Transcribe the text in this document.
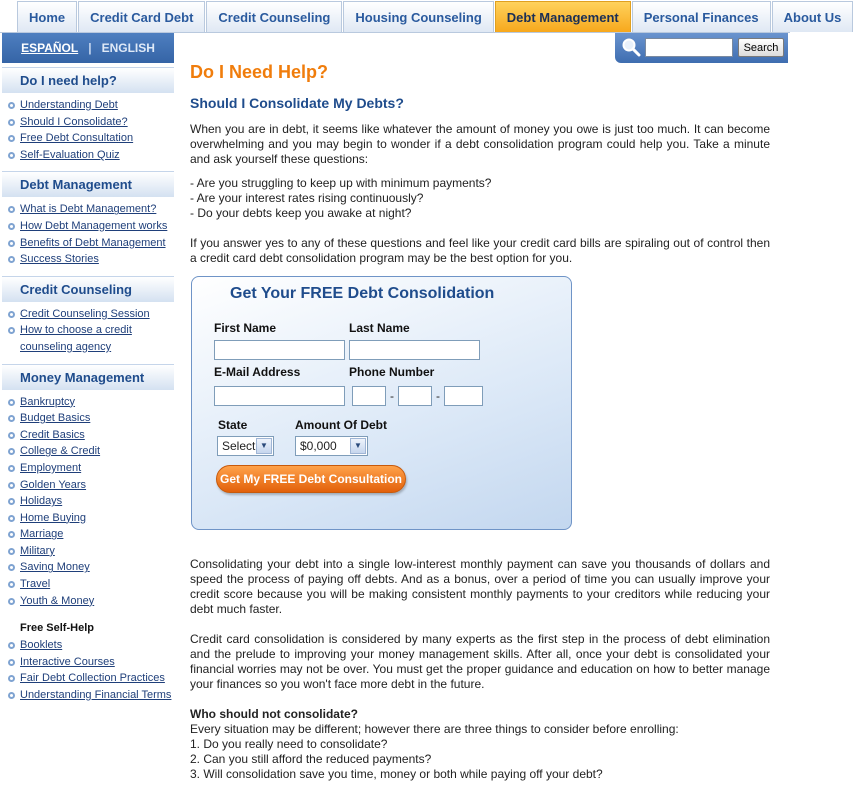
Home	Credit Card Debt	Credit Counseling	Housing Counseling	Debt Management	Personal Finances	About Us
Search
ESPAÑOL | ENGLISH
Do I need help?
Understanding Debt
Should I Consolidate?
Free Debt Consultation
Self-Evaluation Quiz
Debt Management
What is Debt Management?
How Debt Management works
Benefits of Debt Management
Success Stories
Credit Counseling
Credit Counseling Session
How to choose a credit counseling agency
Money Management
Bankruptcy
Budget Basics
Credit Basics
College & Credit
Employment
Golden Years
Holidays
Home Buying
Marriage
Military
Saving Money
Travel
Youth & Money
Free Self-Help
Booklets
Interactive Courses
Fair Debt Collection Practices
Understanding Financial Terms
Do I Need Help?
Should I Consolidate My Debts?

When you are in debt, it seems like whatever the amount of money you owe is just too much. It can become overwhelming and you may begin to wonder if a debt consolidation program could help you. Take a minute and ask yourself these questions:

- Are you struggling to keep up with minimum payments?
- Are your interest rates rising continuously?
- Do your debts keep you awake at night?

If you answer yes to any of these questions and feel like your credit card bills are spiraling out of control then a credit card debt consolidation program may be the best option for you.

Get Your FREE Debt Consolidation
First Name	Last Name
E-Mail Address	Phone Number
-	-
State	Amount Of Debt
Select ▼	$0,000	▼
Get My FREE Debt Consultation

Consolidating your debt into a single low-interest monthly payment can save you thousands of dollars and speed the process of paying off debts. And as a bonus, over a period of time you can usually improve your credit score because you will be making consistent monthly payments to your creditors while reducing your debt much faster.

Credit card consolidation is considered by many experts as the first step in the process of debt elimination and the prelude to improving your money management skills. After all, once your debt is consolidated your financial worries may not be over. You must get the proper guidance and education on how to better manage your finances so you won't face more debt in the future.

Who should not consolidate?
Every situation may be different; however there are three things to consider before enrolling:
1. Do you really need to consolidate?
2. Can you still afford the reduced payments?
3. Will consolidation save you time, money or both while paying off your debt?
